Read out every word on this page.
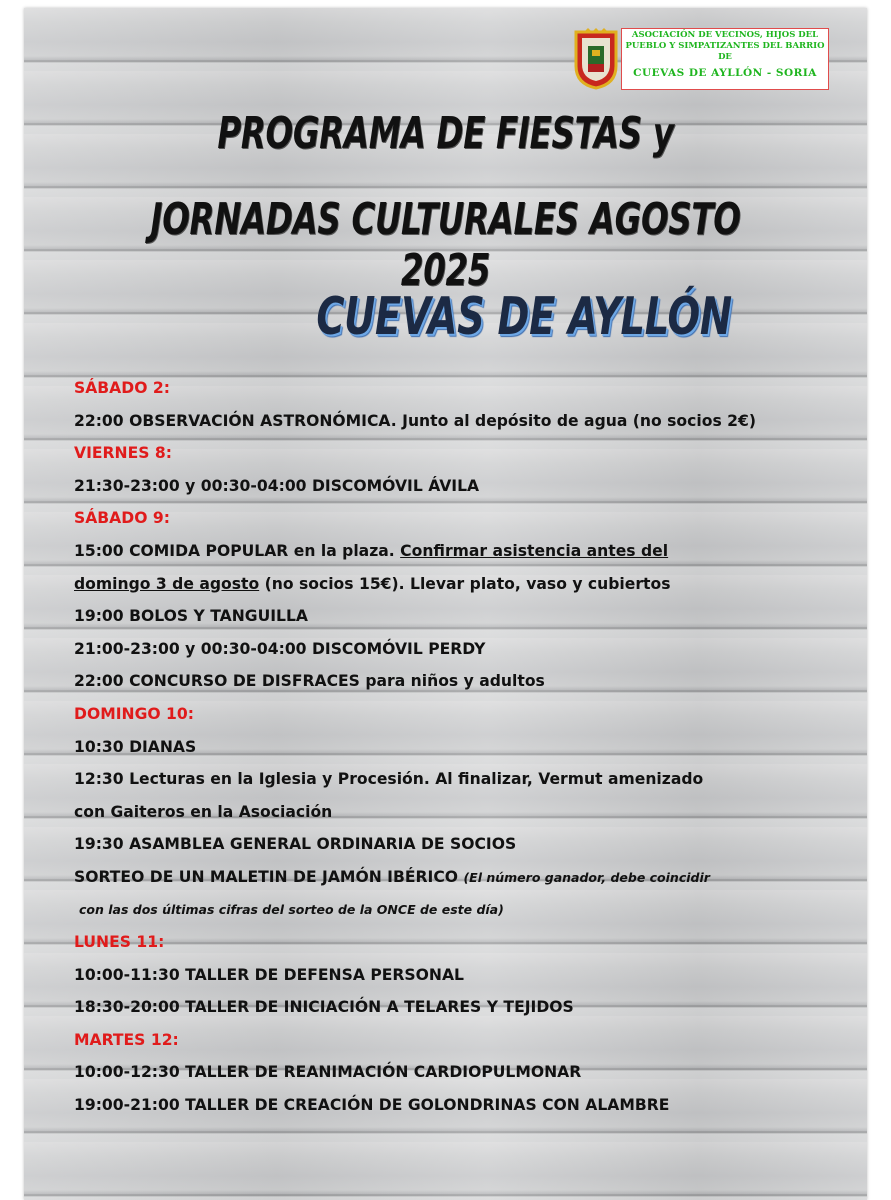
ASOCIACIÓN DE VECINOS, HIJOS DEL
PUEBLO Y SIMPATIZANTES DEL BARRIO
DE
CUEVAS DE AYLLÓN - SORIA
PROGRAMA DE FIESTAS y
JORNADAS CULTURALES AGOSTO 2025
CUEVAS DE AYLLÓN
SÁBADO 2:
22:00 OBSERVACIÓN ASTRONÓMICA. Junto al depósito de agua (no socios 2€)
VIERNES 8:
21:30-23:00 y 00:30-04:00 DISCOMÓVIL ÁVILA
SÁBADO 9:
15:00 COMIDA POPULAR en la plaza. Confirmar asistencia antes del
domingo 3 de agosto (no socios 15€). Llevar plato, vaso y cubiertos
19:00 BOLOS Y TANGUILLA
21:00-23:00 y 00:30-04:00 DISCOMÓVIL PERDY
22:00 CONCURSO DE DISFRACES para niños y adultos
DOMINGO 10:
10:30 DIANAS
12:30 Lecturas en la Iglesia y Procesión. Al finalizar, Vermut amenizado
con Gaiteros en la Asociación
19:30 ASAMBLEA GENERAL ORDINARIA DE SOCIOS
SORTEO DE UN MALETIN DE JAMÓN IBÉRICO (El número ganador, debe coincidir
con las dos últimas cifras del sorteo de la ONCE de este día)
LUNES 11:
10:00-11:30 TALLER DE DEFENSA PERSONAL
18:30-20:00 TALLER DE INICIACIÓN A TELARES Y TEJIDOS
MARTES 12:
10:00-12:30 TALLER DE REANIMACIÓN CARDIOPULMONAR
19:00-21:00 TALLER DE CREACIÓN DE GOLONDRINAS CON ALAMBRE
